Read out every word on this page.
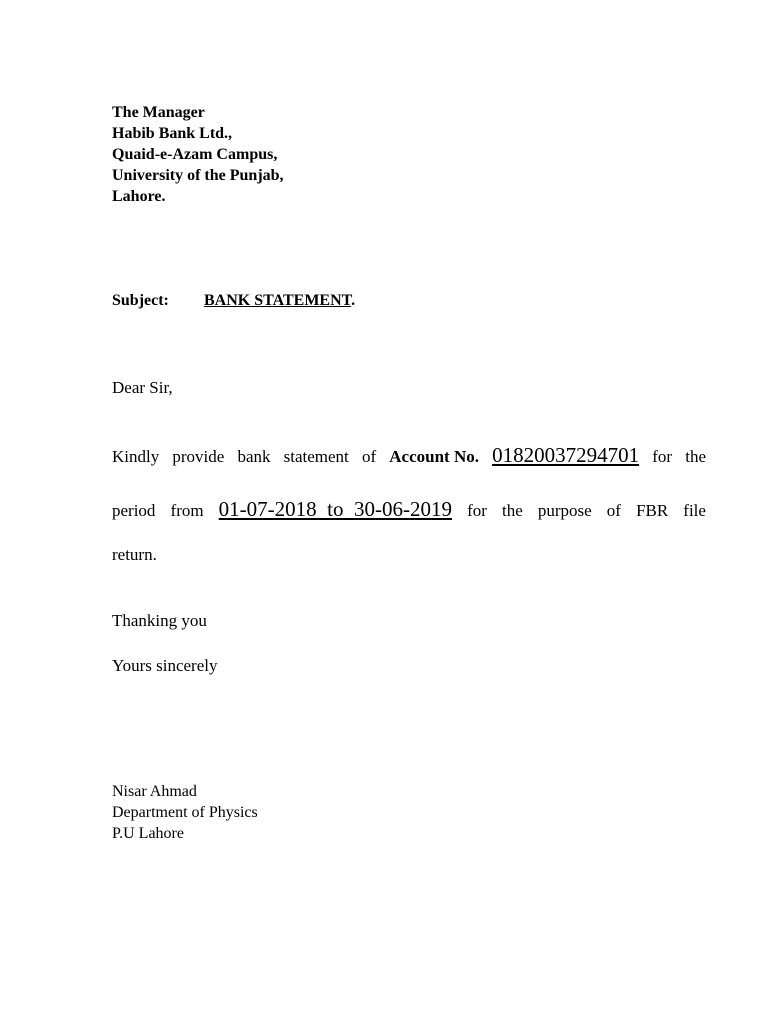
The Manager
Habib Bank Ltd.,
Quaid-e-Azam Campus,
University of the Punjab,
Lahore.
Subject: BANK STATEMENT.
Dear Sir,
Kindly provide bank statement of Account No. 01820037294701 for the
period from 01-07-2018  to  30-06-2019 for the purpose of FBR file
return.
Thanking you
Yours sincerely
Nisar Ahmad
Department of Physics
P.U Lahore
